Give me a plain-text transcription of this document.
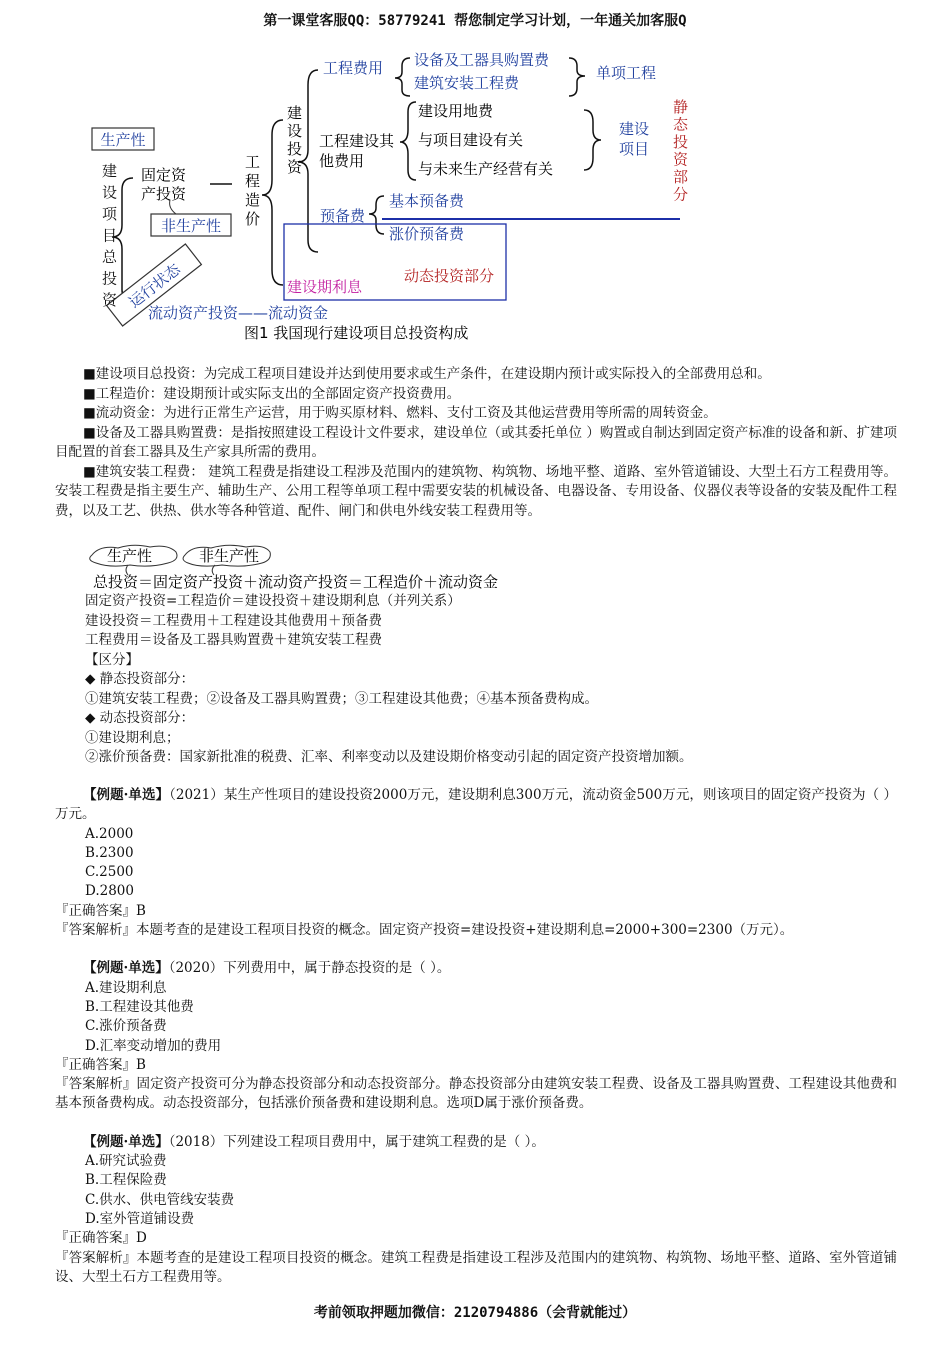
第一课堂客服QQ：58779241 帮您制定学习计划，一年通关加客服Q
运行状态
生产性
非生产性
建设项目总投资
固定资
产投资
工程造价
建设投资
工程费用 设备及工器具购置费
建筑安装工程费
单项工程
工程建设其
他费用
建设用地费
与项目建设有关
与未来生产经营有关
建设
项目
静态投资部分
预备费
基本预备费
涨价预备费
建设期利息
动态投资部分
流动资产投资——流动资金
图1 我国现行建设项目总投资构成

■建设项目总投资：为完成工程项目建设并达到使用要求或生产条件，在建设期内预计或实际投入的全部费用总和。

■工程造价：建设期预计或实际支出的全部固定资产投资费用。

■流动资金：为进行正常生产运营，用于购买原材料、燃料、支付工资及其他运营费用等所需的周转资金。

■设备及工器具购置费：是指按照建设工程设计文件要求，建设单位（或其委托单位 ）购置或自制达到固定资产标准的设备和新、扩建项目配置的首套工器具及生产家具所需的费用。

■建筑安装工程费： 建筑工程费是指建设工程涉及范围内的建筑物、构筑物、场地平整、道路、室外管道铺设、大型土石方工程费用等。安装工程费是指主要生产、辅助生产、公用工程等单项工程中需要安装的机械设备、电器设备、专用设备、仪器仪表等设备的安装及配件工程费，以及工艺、供热、供水等各种管道、配件、闸门和供电外线安装工程费用等。

生产性	非生产性
总投资＝固定资产投资＋流动资产投资＝工程造价＋流动资金
固定资产投资=工程造价＝建设投资＋建设期利息（并列关系）
建设投资＝工程费用＋工程建设其他费用＋预备费
工程费用＝设备及工器具购置费＋建筑安装工程费
【区分】
◆ 静态投资部分：
①建筑安装工程费；②设备及工器具购置费；③工程建设其他费；④基本预备费构成。
◆ 动态投资部分：
①建设期利息；
②涨价预备费：国家新批准的税费、汇率、利率变动以及建设期价格变动引起的固定资产投资增加额。
【例题·单选】（2021）某生产性项目的建设投资2000万元，建设期利息300万元，流动资金500万元，则该项目的固定资产投资为（ ）万元。
A.2000
B.2300
C.2500
D.2800
『正确答案』B
『答案解析』本题考查的是建设工程项目投资的概念。固定资产投资=建设投资+建设期利息=2000+300=2300（万元）。
【例题·单选】（2020）下列费用中，属于静态投资的是（ ）。
A.建设期利息
B.工程建设其他费
C.涨价预备费
D.汇率变动增加的费用
『正确答案』B
『答案解析』固定资产投资可分为静态投资部分和动态投资部分。静态投资部分由建筑安装工程费、设备及工器具购置费、工程建设其他费和基本预备费构成。动态投资部分，包括涨价预备费和建设期利息。选项D属于涨价预备费。
【例题·单选】（2018）下列建设工程项目费用中，属于建筑工程费的是（ ）。
A.研究试验费
B.工程保险费
C.供水、供电管线安装费
D.室外管道铺设费
『正确答案』D
『答案解析』本题考查的是建设工程项目投资的概念。建筑工程费是指建设工程涉及范围内的建筑物、构筑物、场地平整、道路、室外管道铺设、大型土石方工程费用等。
考前领取押题加微信：2120794886（会背就能过）
